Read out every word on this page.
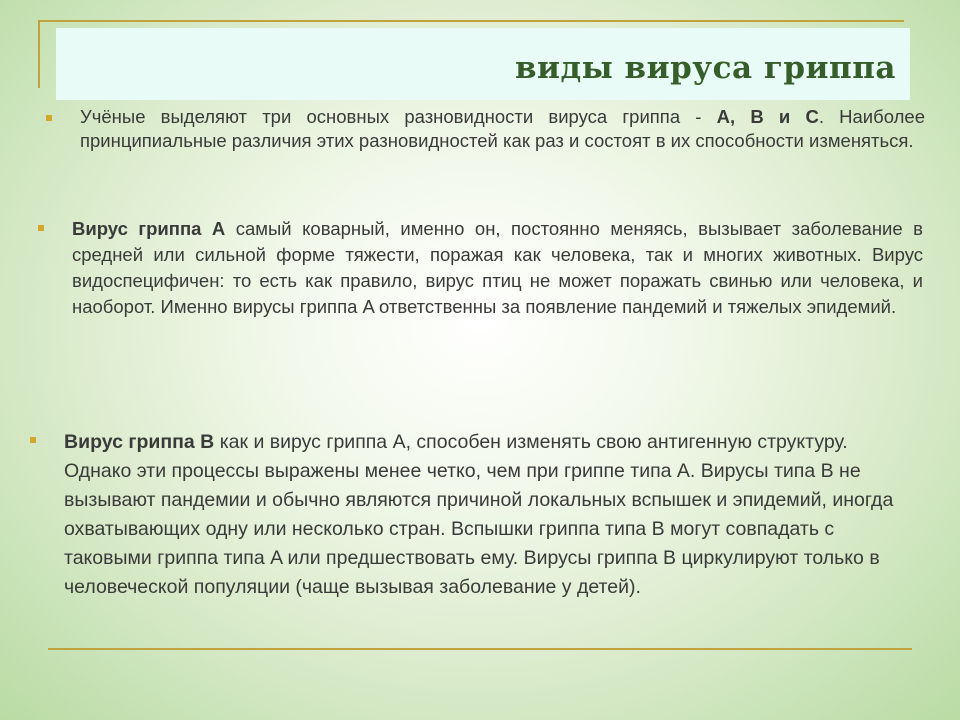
виды вируса гриппа

Учёные выделяют три основных разновидности вируса гриппа - A, B и C. Наиболее принципиальные различия этих разновидностей как раз и состоят в их способности изменяться.

Вирус гриппа A самый коварный, именно он, постоянно меняясь, вызывает заболевание в средней или сильной форме тяжести, поражая как человека, так и многих животных. Вирус видоспецифичен: то есть как правило, вирус птиц не может поражать свинью или человека, и наоборот. Именно вирусы гриппа A ответственны за появление пандемий и тяжелых эпидемий.

Вирус гриппа B как и вирус гриппа А, способен изменять свою антигенную структуру. Однако эти процессы выражены менее четко, чем при гриппе типа А. Вирусы типа В не вызывают пандемии и обычно являются причиной локальных вспышек и эпидемий, иногда охватывающих одну или несколько стран. Вспышки гриппа типа В могут совпадать с таковыми гриппа типа A или предшествовать ему. Вирусы гриппа B циркулируют только в человеческой популяции (чаще вызывая заболевание у детей).
